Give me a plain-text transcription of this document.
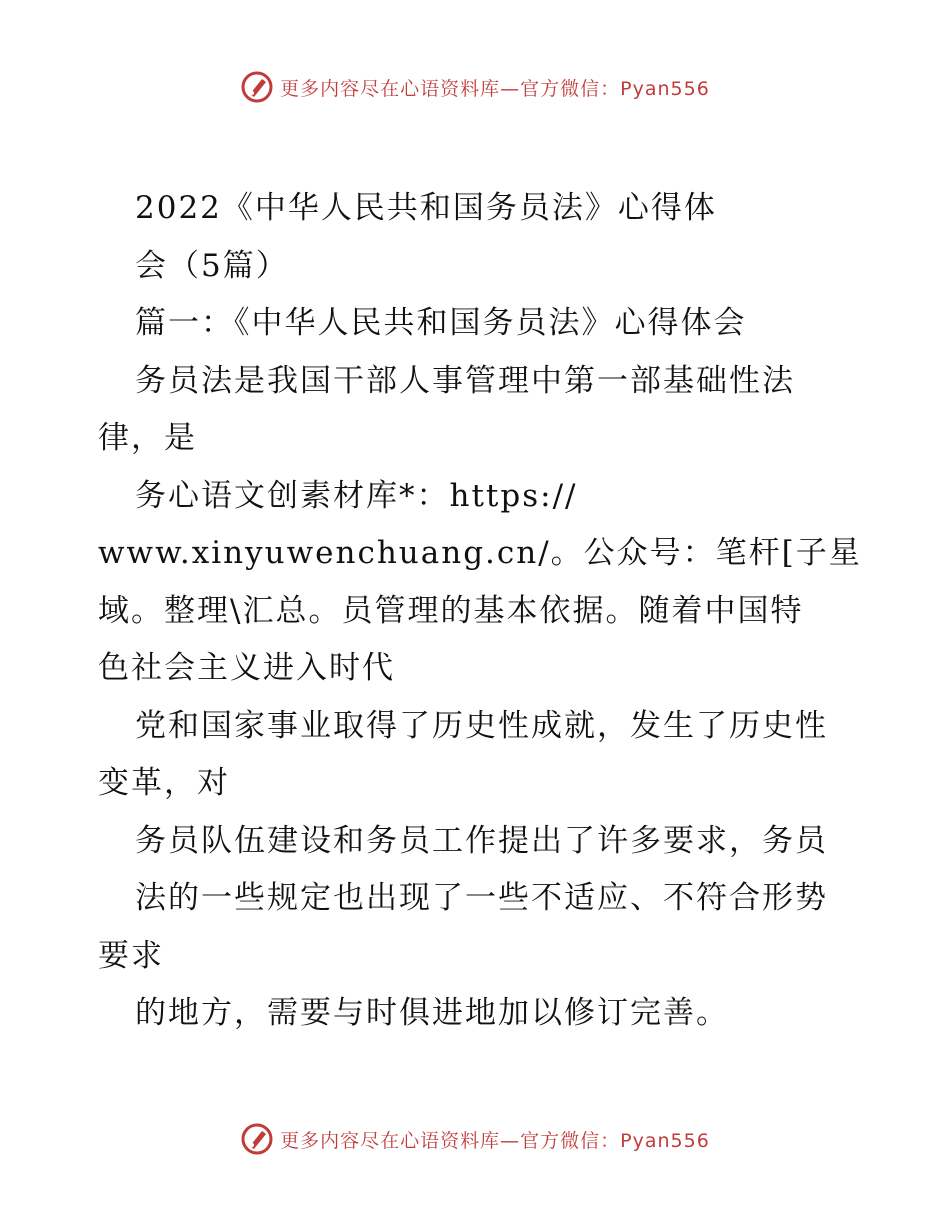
更多内容尽在心语资料库—官方微信：Pyan556
2022《中华人民共和国务员法》心得体
会（5篇）
篇一：《中华人民共和国务员法》心得体会
务员法是我国干部人事管理中第一部基础性法
律，是
务心语文创素材库*：https://
www.xinyuwenchuang.cn/。公众号：笔杆[子星
域。整理\汇总。员管理的基本依据。随着中国特
色社会主义进入时代
党和国家事业取得了历史性成就，发生了历史性
变革，对
务员队伍建设和务员工作提出了许多要求，务员
法的一些规定也出现了一些不适应、不符合形势
要求
的地方，需要与时俱进地加以修订完善。
更多内容尽在心语资料库—官方微信：Pyan556
